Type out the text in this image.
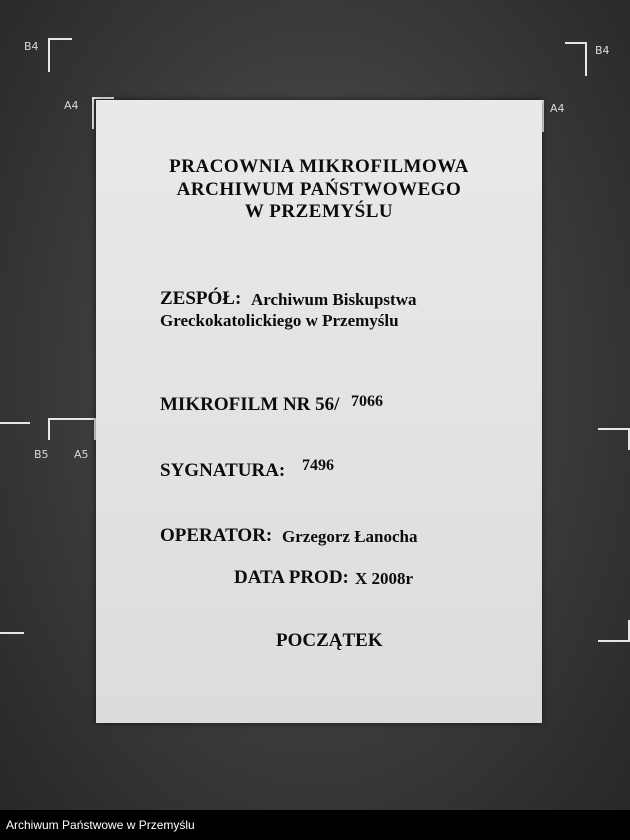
B4	B4
A4	A4
B5 A5
PRACOWNIA MIKROFILMOWA
ARCHIWUM PAŃSTWOWEGO
W PRZEMYŚLU
ZESPÓŁ: Archiwum Biskupstwa
Greckokatolickiego w Przemyślu
MIKROFILM NR 56/ 7066
SYGNATURA: 7496
OPERATOR: Grzegorz Łanocha
DATA PROD: X 2008r
POCZĄTEK
Archiwum Państwowe w Przemyślu
